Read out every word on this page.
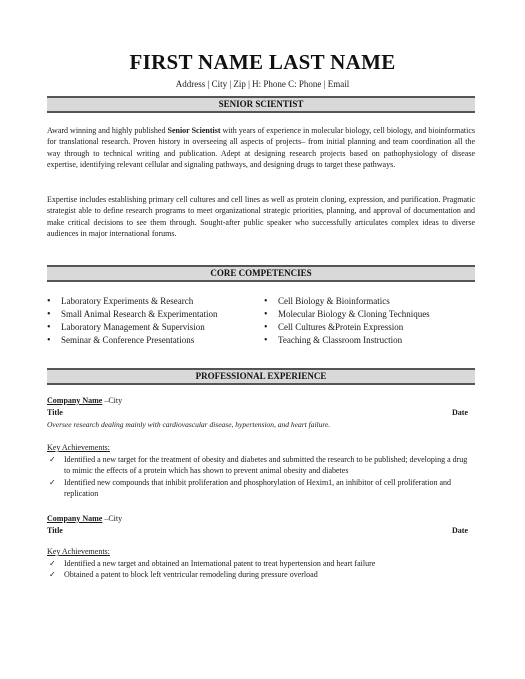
FIRST NAME LAST NAME
Address | City | Zip | H: Phone C: Phone | Email
SENIOR SCIENTIST
Award winning and highly published Senior Scientist with years of experience in molecular biology, cell biology, and bioinformatics for translational research. Proven history in overseeing all aspects of projects– from initial planning and team coordination all the way through to technical writing and publication. Adept at designing research projects based on pathophysiology of disease expertise, identifying relevant cellular and signaling pathways, and designing drugs to target these pathways.
Expertise includes establishing primary cell cultures and cell lines as well as protein cloning, expression, and purification. Pragmatic strategist able to define research programs to meet organizational strategic priorities, planning, and approval of documentation and make critical decisions to see them through. Sought-after public speaker who successfully articulates complex ideas to diverse audiences in major international forums.
CORE COMPETENCIES
• Laboratory Experiments & Research
• Small Animal Research & Experimentation
• Laboratory Management & Supervision
• Seminar & Conference Presentations
• Cell Biology & Bioinformatics
• Molecular Biology & Cloning Techniques
• Cell Cultures &Protein Expression
• Teaching & Classroom Instruction
PROFESSIONAL EXPERIENCE
Company Name –City
Title	Date
Oversee research dealing mainly with cardiovascular disease, hypertension, and heart failure.
Key Achievements:
✓ Identified a new target for the treatment of obesity and diabetes and submitted the research to be published; developing a drug to mimic the effects of a protein which has shown to prevent animal obesity and diabetes
✓ Identified new compounds that inhibit proliferation and phosphorylation of Hexim1, an inhibitor of cell proliferation and replication
Company Name –City
Title	Date
Key Achievements:
✓ Identified a new target and obtained an International patent to treat hypertension and heart failure
✓ Obtained a patent to block left ventricular remodeling during pressure overload
